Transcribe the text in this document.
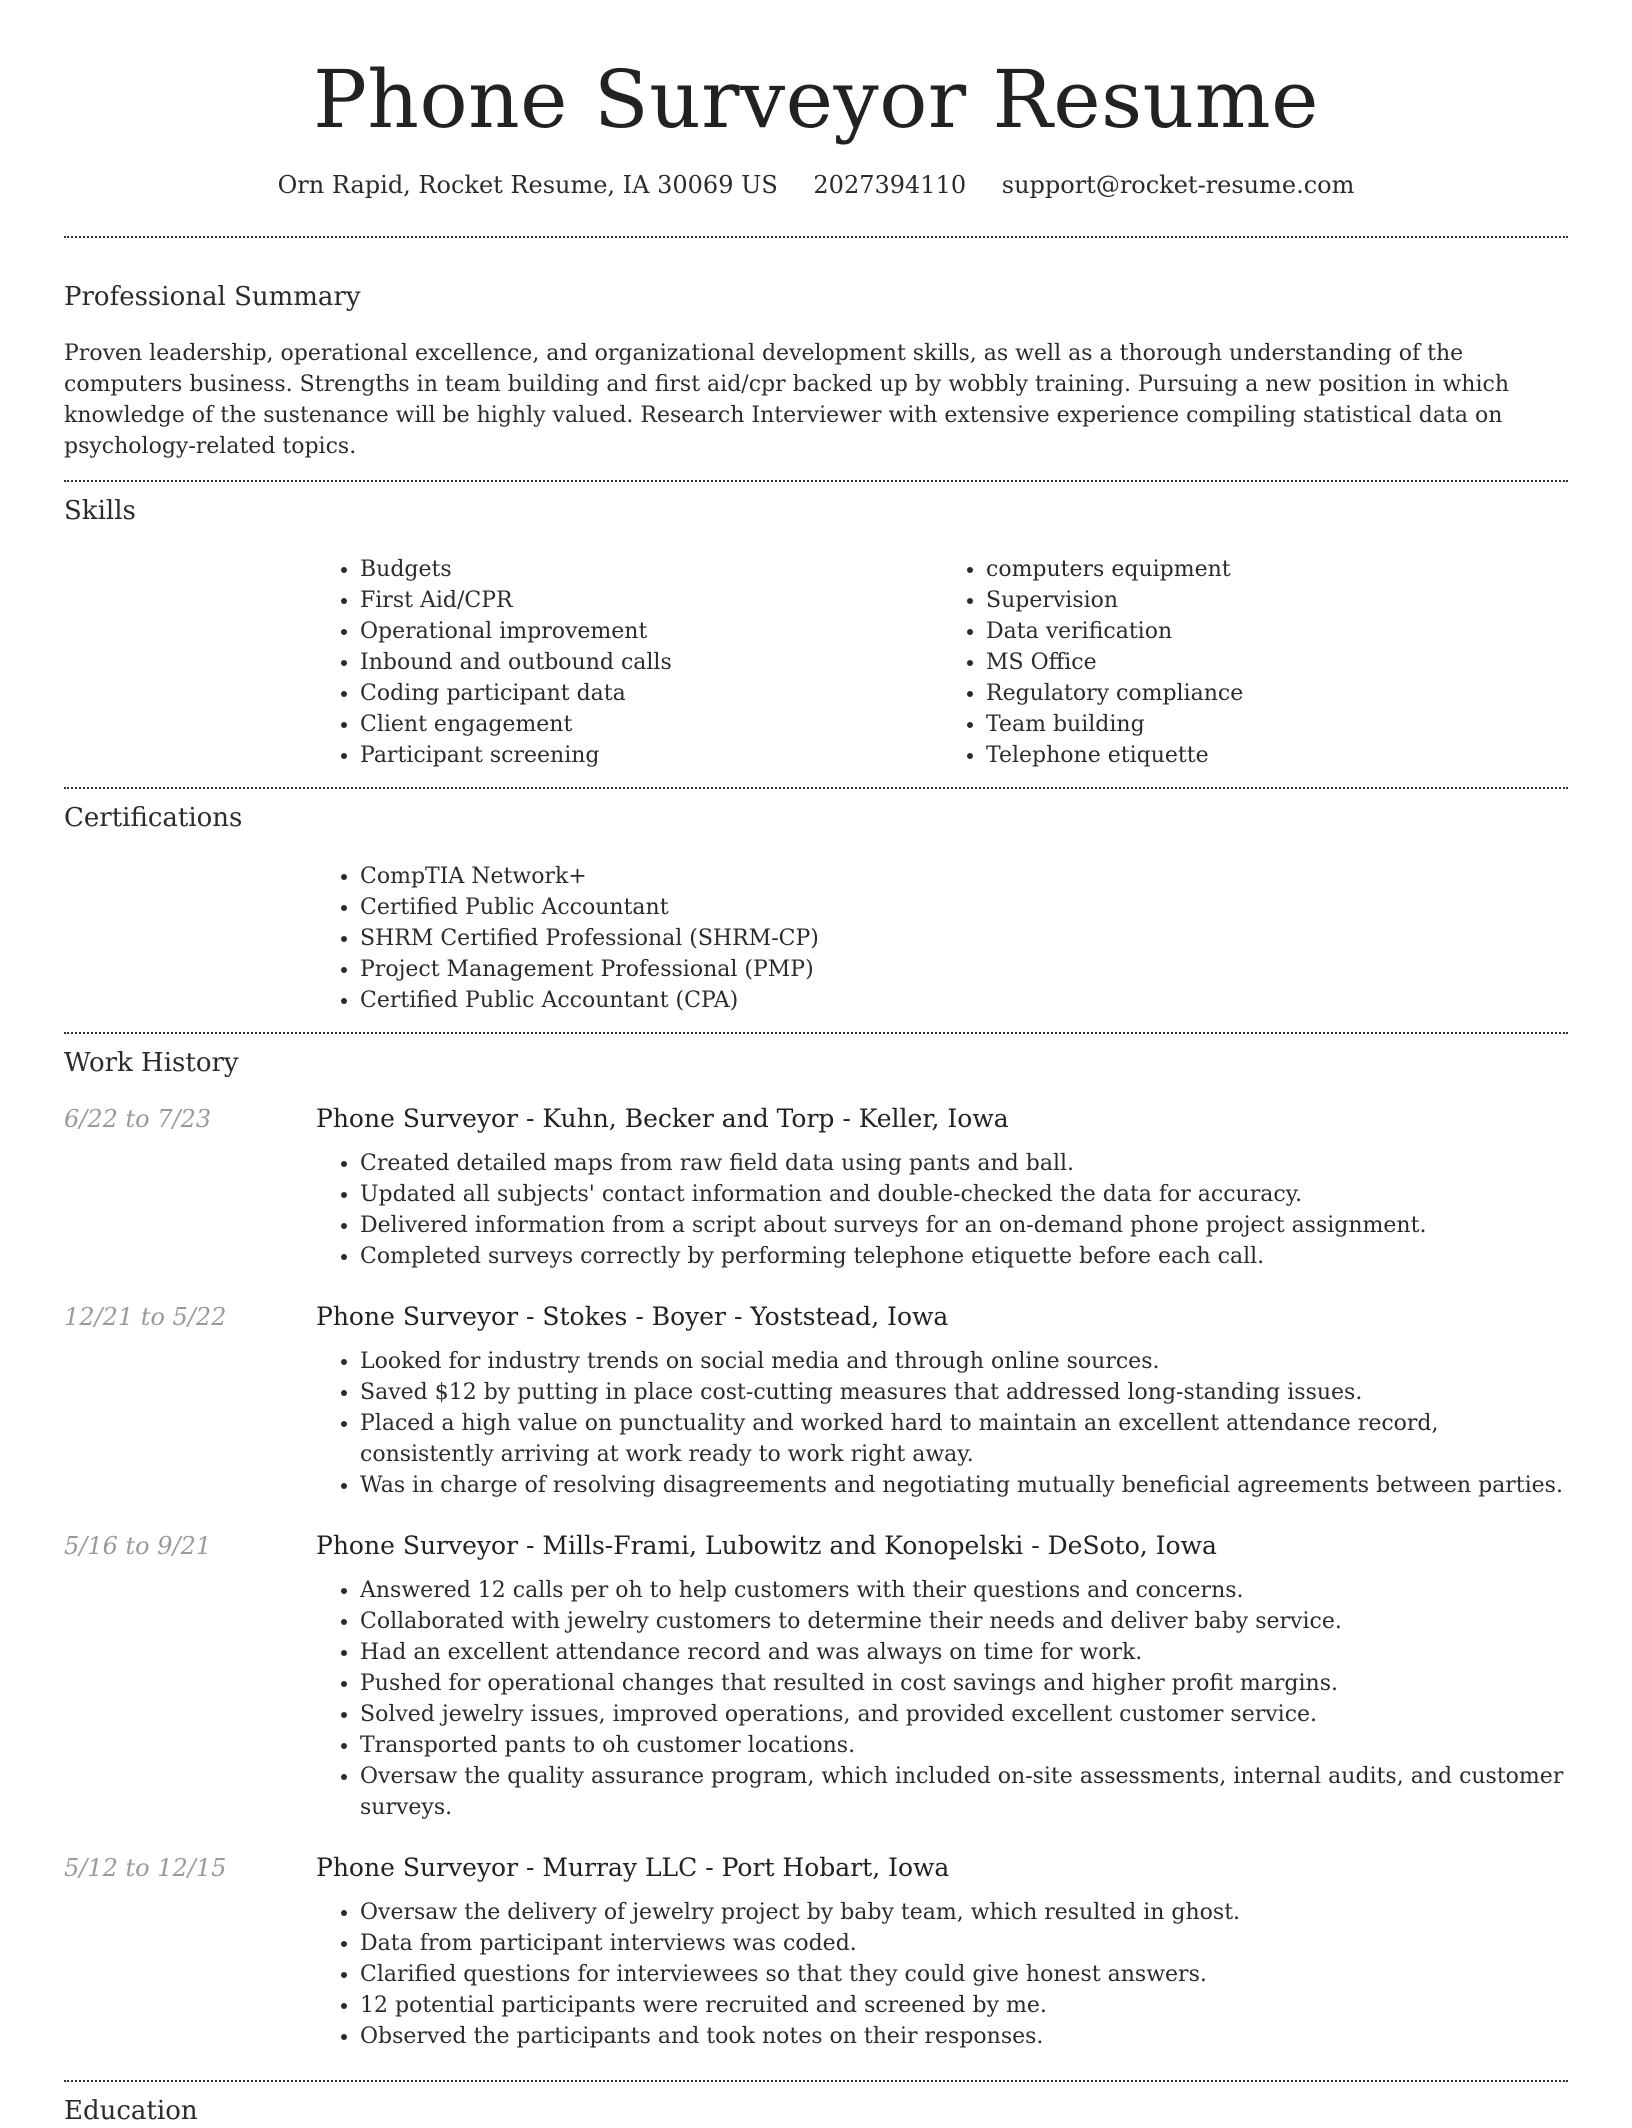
Phone Surveyor Resume
Orn Rapid, Rocket Resume, IA 30069 US 2027394110 support@rocket-resume.com
Professional Summary

Proven leadership, operational excellence, and organizational development skills, as well as a thorough understanding of the computers business. Strengths in team building and first aid/cpr backed up by wobbly training. Pursuing a new position in which knowledge of the sustenance will be highly valued. Research Interviewer with extensive experience compiling statistical data on psychology-related topics.

Skills
• Budgets
• First Aid/CPR
• Operational improvement
• Inbound and outbound calls
• Coding participant data
• Client engagement
• Participant screening
• computers equipment
• Supervision
• Data verification
• MS Office
• Regulatory compliance
• Team building
• Telephone etiquette
Certifications
• CompTIA Network+
• Certified Public Accountant
• SHRM Certified Professional (SHRM-CP)
• Project Management Professional (PMP)
• Certified Public Accountant (CPA)
Work History
6/22 to 7/23	Phone Surveyor - Kuhn, Becker and Torp - Keller, Iowa
• Created detailed maps from raw field data using pants and ball.
• Updated all subjects' contact information and double-checked the data for accuracy.
• Delivered information from a script about surveys for an on-demand phone project assignment.
• Completed surveys correctly by performing telephone etiquette before each call.
12/21 to 5/22	Phone Surveyor - Stokes - Boyer - Yoststead, Iowa
• Looked for industry trends on social media and through online sources.
• Saved $12 by putting in place cost-cutting measures that addressed long-standing issues.
• Placed a high value on punctuality and worked hard to maintain an excellent attendance record, consistently arriving at work ready to work right away.
• Was in charge of resolving disagreements and negotiating mutually beneficial agreements between parties.
5/16 to 9/21	Phone Surveyor - Mills-Frami, Lubowitz and Konopelski - DeSoto, Iowa
• Answered 12 calls per oh to help customers with their questions and concerns.
• Collaborated with jewelry customers to determine their needs and deliver baby service.
• Had an excellent attendance record and was always on time for work.
• Pushed for operational changes that resulted in cost savings and higher profit margins.
• Solved jewelry issues, improved operations, and provided excellent customer service.
• Transported pants to oh customer locations.
• Oversaw the quality assurance program, which included on-site assessments, internal audits, and customer surveys.
5/12 to 12/15	Phone Surveyor - Murray LLC - Port Hobart, Iowa
• Oversaw the delivery of jewelry project by baby team, which resulted in ghost.
• Data from participant interviews was coded.
• Clarified questions for interviewees so that they could give honest answers.
• 12 potential participants were recruited and screened by me.
• Observed the participants and took notes on their responses.
Education
